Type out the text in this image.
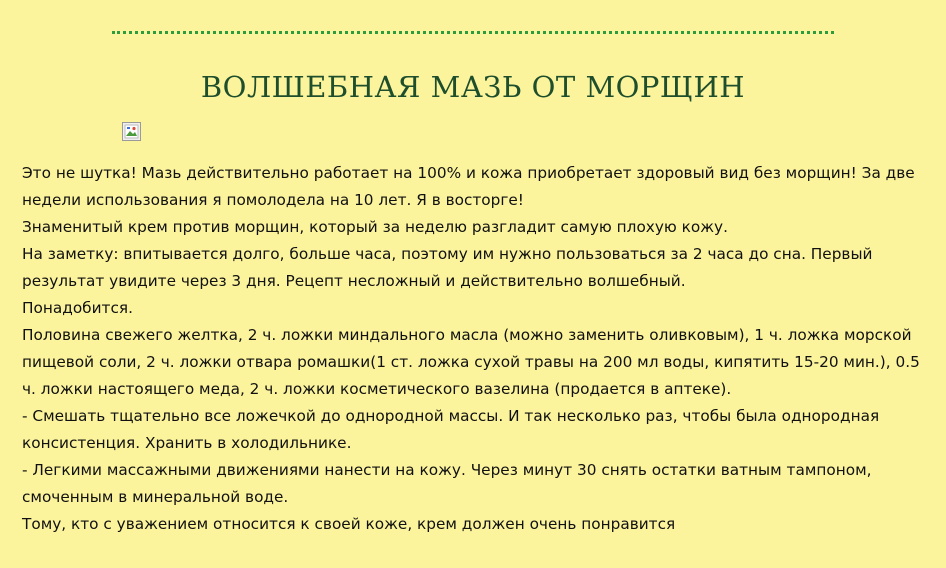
ВОЛШЕБНАЯ МАЗЬ ОТ МОРЩИН

Это не шутка! Мазь действительно работает на 100% и кожа приобретает здоровый вид без морщин! За две недели использования я помолодела на 10 лет. Я в восторге!

Знаменитый крем против морщин, который за неделю разгладит самую плохую кожу.

На заметку: впитывается долго, больше часа, поэтому им нужно пользоваться за 2 часа до сна. Первый результат увидите через 3 дня. Рецепт несложный и действительно волшебный.

Понадобится.

Половина свежего желтка, 2 ч. ложки миндального масла (можно заменить оливковым), 1 ч. ложка морской пищевой соли, 2 ч. ложки отвара ромашки(1 ст. ложка сухой травы на 200 мл воды, кипятить 15-20 мин.), 0.5 ч. ложки настоящего меда, 2 ч. ложки косметического вазелина (продается в аптеке).

- Смешать тщательно все ложечкой до однородной массы. И так несколько раз, чтобы была однородная консистенция. Хранить в холодильнике.

- Легкими массажными движениями нанести на кожу. Через минут 30 снять остатки ватным тампоном, смоченным в минеральной воде.

Тому, кто с уважением относится к своей коже, крем должен очень понравится
